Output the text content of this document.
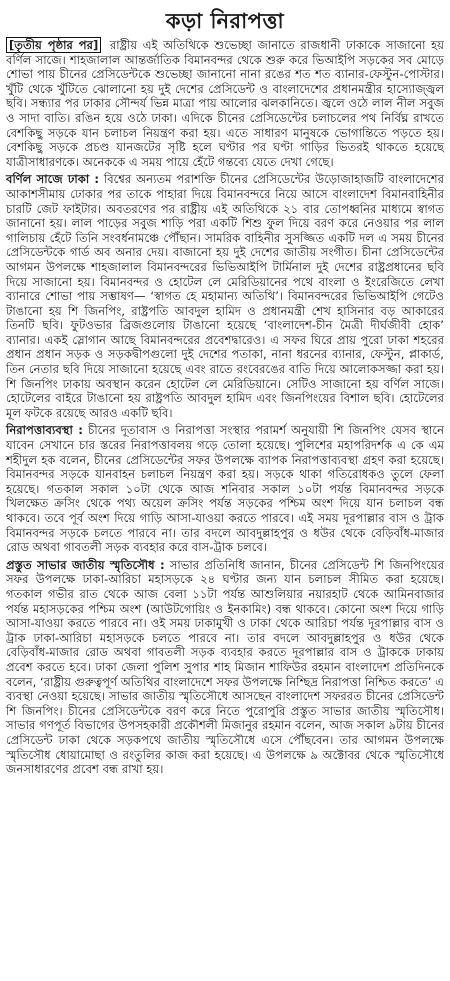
কড়া নিরাপত্তা

[তৃতীয় পৃষ্ঠার পর] রাষ্ট্রীয় এই অতিথিকে শুভেচ্ছা জানাতে রাজধানী ঢাকাকে সাজানো হয় বর্ণিল সাজে। শাহজালাল আন্তর্জাতিক বিমানবন্দর থেকে শুরু করে ভিআইপি সড়কের সব মোড়ে শোভা পায় চীনের প্রেসিডেন্টকে শুভেচ্ছা জানানো নানা রঙের শত শত ব্যানার-ফেস্টুন-পোস্টার। খুঁটি থেকে খুঁটিতে ঝোলানো হয় দুই দেশের প্রেসিডেন্ট ও বাংলাদেশের প্রধানমন্ত্রীর হাস্যোজ্জ্বল ছবি। সন্ধ্যার পর ঢাকার সৌন্দর্য ভিন্ন মাত্রা পায় আলোর ঝলকানিতে। জ্বলে ওঠে লাল নীল সবুজ ও সাদা বাতি। রঙিন হয়ে ওঠে ঢাকা। এদিকে চীনের প্রেসিডেন্টের চলাচলের পথ নির্বিঘ্ন রাখতে বেশকিছু সড়কে যান চলাচল নিয়ন্ত্রণ করা হয়। এতে সাধারণ মানুষকে ভোগান্তিতে পড়তে হয়। বেশকিছু সড়কে প্রচণ্ড যানজটের সৃষ্টি হলে ঘণ্টার পর ঘণ্টা গাড়ির ভিতরই থাকতে হয়েছে যাত্রীসাধারণকে। অনেককে এ সময় পায়ে হেঁটে গন্তব্যে যেতে দেখা গেছে।

বর্ণিল সাজে ঢাকা : বিশ্বের অন্যতম পরাশক্তি চীনের প্রেসিডেন্টের উড়োজাহাজটি বাংলাদেশের আকাশসীমায় ঢোকার পর তাকে পাহারা দিয়ে বিমানবন্দরে নিয়ে আসে বাংলাদেশ বিমানবাহিনীর চারটি জেট ফাইটার। অবতরণের পর রাষ্ট্রীয় এই অতিথিকে ২১ বার তোপধ্বনির মাধ্যমে স্বাগত জানানো হয়। লাল পাড়ের সবুজ শাড়ি পরা একটি শিশু ফুল দিয়ে বরণ করে নেওয়ার পর লাল গালিচায় হেঁটে তিনি সংবর্ধনামঞ্চে পৌঁছান। সামরিক বাহিনীর সুসজ্জিত একটি দল এ সময় চীনের প্রেসিডেন্টকে গার্ড অব অনার দেয়। বাজানো হয় দুই দেশের জাতীয় সংগীত। চীনা প্রেসিডেন্টের আগমন উপলক্ষে শাহজালাল বিমানবন্দরের ভিভিআইপি টার্মিনাল দুই দেশের রাষ্ট্রপ্রধানের ছবি দিয়ে সাজানো হয়। বিমানবন্দর ও হোটেল লে মেরিডিয়ানের পথে বাংলা ও ইংরেজিতে লেখা ব্যানারে শোভা পায় সম্ভাষণ— ‘স্বাগত হে মহামান্য অতিথি’। বিমানবন্দরের ভিভিআইপি গেটেও টাঙানো হয় শি জিনপিং, রাষ্ট্রপতি আবদুল হামিদ ও প্রধানমন্ত্রী শেখ হাসিনার বড় আকারের তিনটি ছবি। ফুটওভার ব্রিজগুলোয় টাঙানো হয়েছে ‘বাংলাদেশ-চীন মৈত্রী দীর্ঘজীবী হোক’ ব্যানার। একই স্লোগান আছে বিমানবন্দরের প্রবেশদ্বারেও। এ সফর ঘিরে প্রায় পুরো ঢাকা শহরের প্রধান প্রধান সড়ক ও সড়কদ্বীপগুলো দুই দেশের পতাকা, নানা ধরনের ব্যানার, ফেস্টুন, প্লাকার্ড, তিন নেতার ছবি দিয়ে সাজানো হয়েছে এবং রাতে রংবেরঙের বাতি দিয়ে আলোকসজ্জা করা হয়। শি জিনপিং ঢাকায় অবস্থান করেন হোটেল লে মেরিডিয়ানে। সেটিও সাজানো হয় বর্ণিল সাজে। হোটেলের বাইরে টাঙানো হয় রাষ্ট্রপতি আবদুল হামিদ এবং জিনপিংয়ের বিশাল ছবি। হোটেলের মূল ফটকে রয়েছে আরও একটি ছবি।

নিরাপত্তাব্যবস্থা : চীনের দূতাবাস ও নিরাপত্তা সংস্থার পরামর্শ অনুযায়ী শি জিনপিং যেসব স্থানে যাবেন সেখানে চার স্তরের নিরাপত্তাবলয় গড়ে তোলা হয়েছে। পুলিশের মহাপরিদর্শক এ কে এম শহীদুল হক বলেন, চীনের প্রেসিডেন্টের সফর উপলক্ষে ব্যাপক নিরাপত্তাব্যবস্থা গ্রহণ করা হয়েছে। বিমানবন্দর সড়কে যানবাহন চলাচল নিয়ন্ত্রণ করা হয়। সড়কে থাকা গতিরোধকও তুলে ফেলা হয়েছে। গতকাল সকাল ১০টা থেকে আজ শনিবার সকাল ১০টা পর্যন্ত বিমানবন্দর সড়কে খিলক্ষেত ক্রসিং থেকে পথ্য অয়েল ক্রসিং পর্যন্ত সড়কের পশ্চিম অংশ দিয়ে যান চলাচল বন্ধ থাকবে। তবে পূর্ব অংশ দিয়ে গাড়ি আসা-যাওয়া করতে পারবে। এই সময় দূরপাল্লার বাস ও ট্রাক বিমানবন্দর সড়কে চলতে পারবে না। তার বদলে আবদুল্লাহপুর ও ধউর থেকে বেড়িবাঁধ-মাজার রোড অথবা গাবতলী সড়ক ব্যবহার করে বাস-ট্রাক চলবে।

প্রস্তুত সাভার জাতীয় স্মৃতিসৌধ : সাভার প্রতিনিধি জানান, চীনের প্রেসিডেন্ট শি জিনপিংয়ের সফর উপলক্ষে ঢাকা-আরিচা মহাসড়কে ২৪ ঘণ্টার জন্য যান চলাচল সীমিত করা হয়েছে। গতকাল গভীর রাত থেকে আজ বেলা ১১টা পর্যন্ত আশুলিয়ার নয়ারহাট থেকে আমিনবাজার পর্যন্ত মহাসড়কের পশ্চিম অংশ (আউটগোয়িং ও ইনকামিং) বন্ধ থাকবে। কোনো অংশ দিয়ে গাড়ি আসা-যাওয়া করতে পারবে না। ওই সময় ঢাকামুখী ও ঢাকা থেকে আরিচা পর্যন্ত দূরপাল্লার বাস ও ট্রাক ঢাকা-আরিচা মহাসড়কে চলতে পারবে না। তার বদলে আবদুল্লাহপুর ও ধউর থেকে বেড়িবাঁধ-মাজার রোড অথবা গাবতলী সড়ক ব্যবহার করতে দূরপাল্লার বাস ও ট্রাককে ঢাকায় প্রবেশ করতে হবে। ঢাকা জেলা পুলিশ সুপার শাহ মিজান শাফিউর রহমান বাংলাদেশ প্রতিদিনকে বলেন, ‘রাষ্ট্রীয় গুরুত্বপূর্ণ অতিথির বাংলাদেশে সফর উপলক্ষে নিশ্ছিদ্র নিরাপত্তা নিশ্চিত করতে’ এ ব্যবস্থা নেওয়া হয়েছে। সাভার জাতীয় স্মৃতিসৌধে আসছেন বাংলাদেশ সফররত চীনের প্রেসিডেন্ট শি জিনপিং। চীনের প্রেসিডেন্টকে বরণ করে নিতে পুরোপুরি প্রস্তুত সাভার জাতীয় স্মৃতিসৌধ। সাভার গণপূর্ত বিভাগের উপসহকারী প্রকৌশলী মিজানুর রহমান বলেন, আজ সকাল ৯টায় চীনের প্রেসিডেন্ট ঢাকা থেকে সড়কপথে জাতীয় স্মৃতিসৌধে এসে পৌঁছবেন। তার আগমন উপলক্ষে স্মৃতিসৌধ ধোয়ামোছা ও রংতুলির কাজ করা হয়েছে। এ উপলক্ষে ৯ অক্টোবর থেকে স্মৃতিসৌধে জনসাধারণের প্রবেশ বন্ধ রাখা হয়।
